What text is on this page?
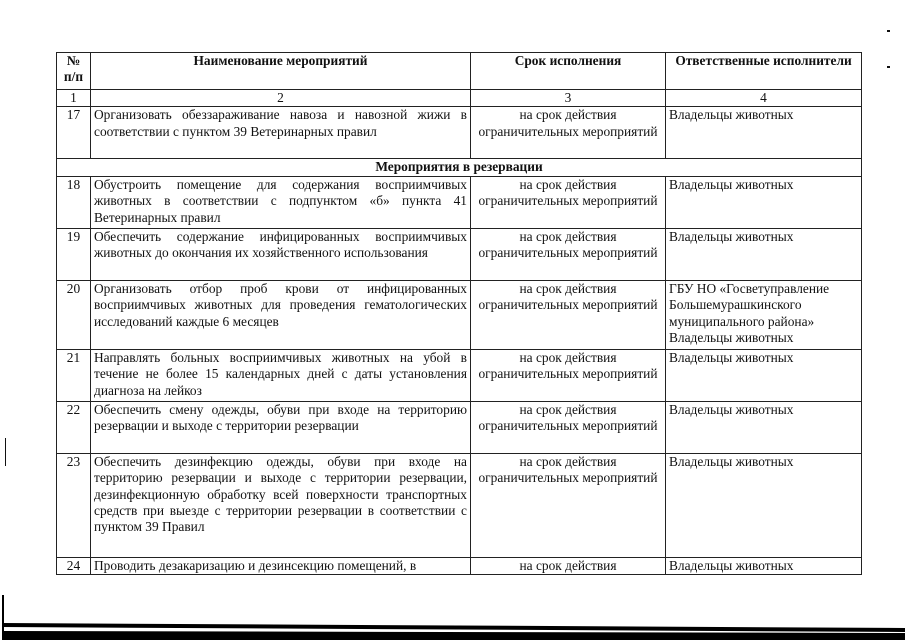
№ п/п	Наименование мероприятий	Срок исполнения	Ответственные исполнители
1	2	3	4
17	Организовать обеззараживание навоза и навозной жижи в соответствии с пунктом 39 Ветеринарных правил	на срок действия ограничительных мероприятий	Владельцы животных
Мероприятия в резервации			
18	Обустроить помещение для содержания восприимчивых животных в соответствии с подпунктом «б» пункта 41 Ветеринарных правил	на срок действия ограничительных мероприятий	Владельцы животных
19	Обеспечить содержание инфицированных восприимчивых животных до окончания их хозяйственного использования	на срок действия ограничительных мероприятий	Владельцы животных
20	Организовать отбор проб крови от инфицированных восприимчивых животных для проведения гематологических исследований каждые 6 месяцев	на срок действия ограничительных мероприятий	ГБУ НО «Госветуправление Большемурашкинского муниципального района» Владельцы животных
21	Направлять больных восприимчивых животных на убой в течение не более 15 календарных дней с даты установления диагноза на лейкоз	на срок действия ограничительных мероприятий	Владельцы животных
22	Обеспечить смену одежды, обуви при входе на территорию резервации и выходе с территории резервации	на срок действия ограничительных мероприятий	Владельцы животных
23	Обеспечить дезинфекцию одежды, обуви при входе на территорию резервации и выходе с территории резервации, дезинфекционную обработку всей поверхности транспортных средств при выезде с территории резервации в соответствии с пунктом 39 Правил	на срок действия ограничительных мероприятий	Владельцы животных
24	Проводить дезакаризацию и дезинсекцию помещений, в	на срок действия	Владельцы животных
